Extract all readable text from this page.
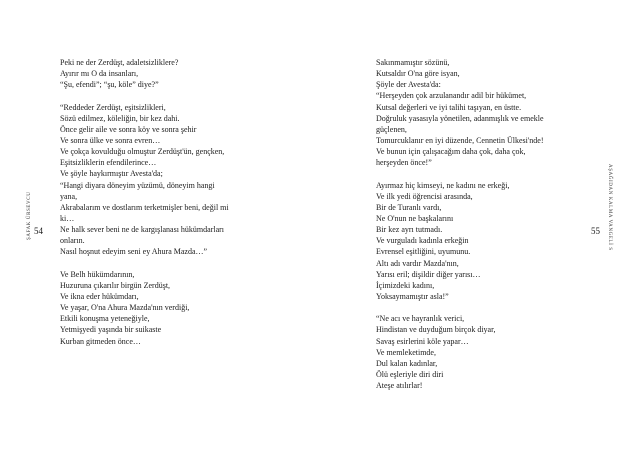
ŞAFAK ÜRSEVCU 54
Peki ne der Zerdüşt, adaletsizliklere?
Ayırır mı O da insanları,
“Şu, efendi”; “şu, köle” diye?”
“Reddeder Zerdüşt, eşitsizlikleri,
Sözü edilmez, köleliğin, bir kez dahi.
Önce gelir aile ve sonra köy ve sonra şehir
Ve sonra ülke ve sonra evren…
Ve çokça kovulduğu olmuştur Zerdüşt'ün, gençken,
Eşitsizliklerin efendilerince…
Ve şöyle haykırmıştır Avesta'da;
“Hangi diyara döneyim yüzümü, döneyim hangi
yana,
Akrabalarım ve dostlarım terketmişler beni, değil mi
ki…
Ne halk sever beni ne de kargışlanası hükümdarları
onların.
Nasıl hoşnut edeyim seni ey Ahura Mazda…”
Ve Belh hükümdarının,
Huzuruna çıkarılır birgün Zerdüşt,
Ve ikna eder hükümdarı,
Ve yaşar, O'na Ahura Mazda'nın verdiği,
Etkili konuşma yeteneğiyle,
Yetmişyedi yaşında bir suikaste
Kurban gitmeden önce…
AŞAĞIDAN KALMA VANGELİ S
55
Sakınmamıştır sözünü,
Kutsaldır O'na göre isyan,
Şöyle der Avesta'da:
“Herşeyden çok arzulanandır adil bir hükümet,
Kutsal değerleri ve iyi talihi taşıyan, en üstte.
Doğruluk yasasıyla yönetilen, adanmışlık ve emekle
güçlenen,
Tomurcuklanır en iyi düzende, Cennetin Ülkesi'nde!
Ve bunun için çalışacağım daha çok, daha çok,
herşeyden önce!”
Ayırmaz hiç kimseyi, ne kadını ne erkeği,
Ve ilk yedi öğrencisi arasında,
Bir de Turanlı vardı,
Ne O'nun ne başkalarını
Bir kez ayrı tutmadı.
Ve vurguladı kadınla erkeğin
Evrensel eşitliğini, uyumunu.
Altı adı vardır Mazda'nın,
Yarısı eril; dişildir diğer yarısı…
İçimizdeki kadını,
Yoksaymamıştır asla!”
“Ne acı ve hayranlık verici,
Hindistan ve duyduğum birçok diyar,
Savaş esirlerini köle yapar…
Ve memleketimde,
Dul kalan kadınlar,
Ölü eşleriyle diri diri
Ateşe atılırlar!
